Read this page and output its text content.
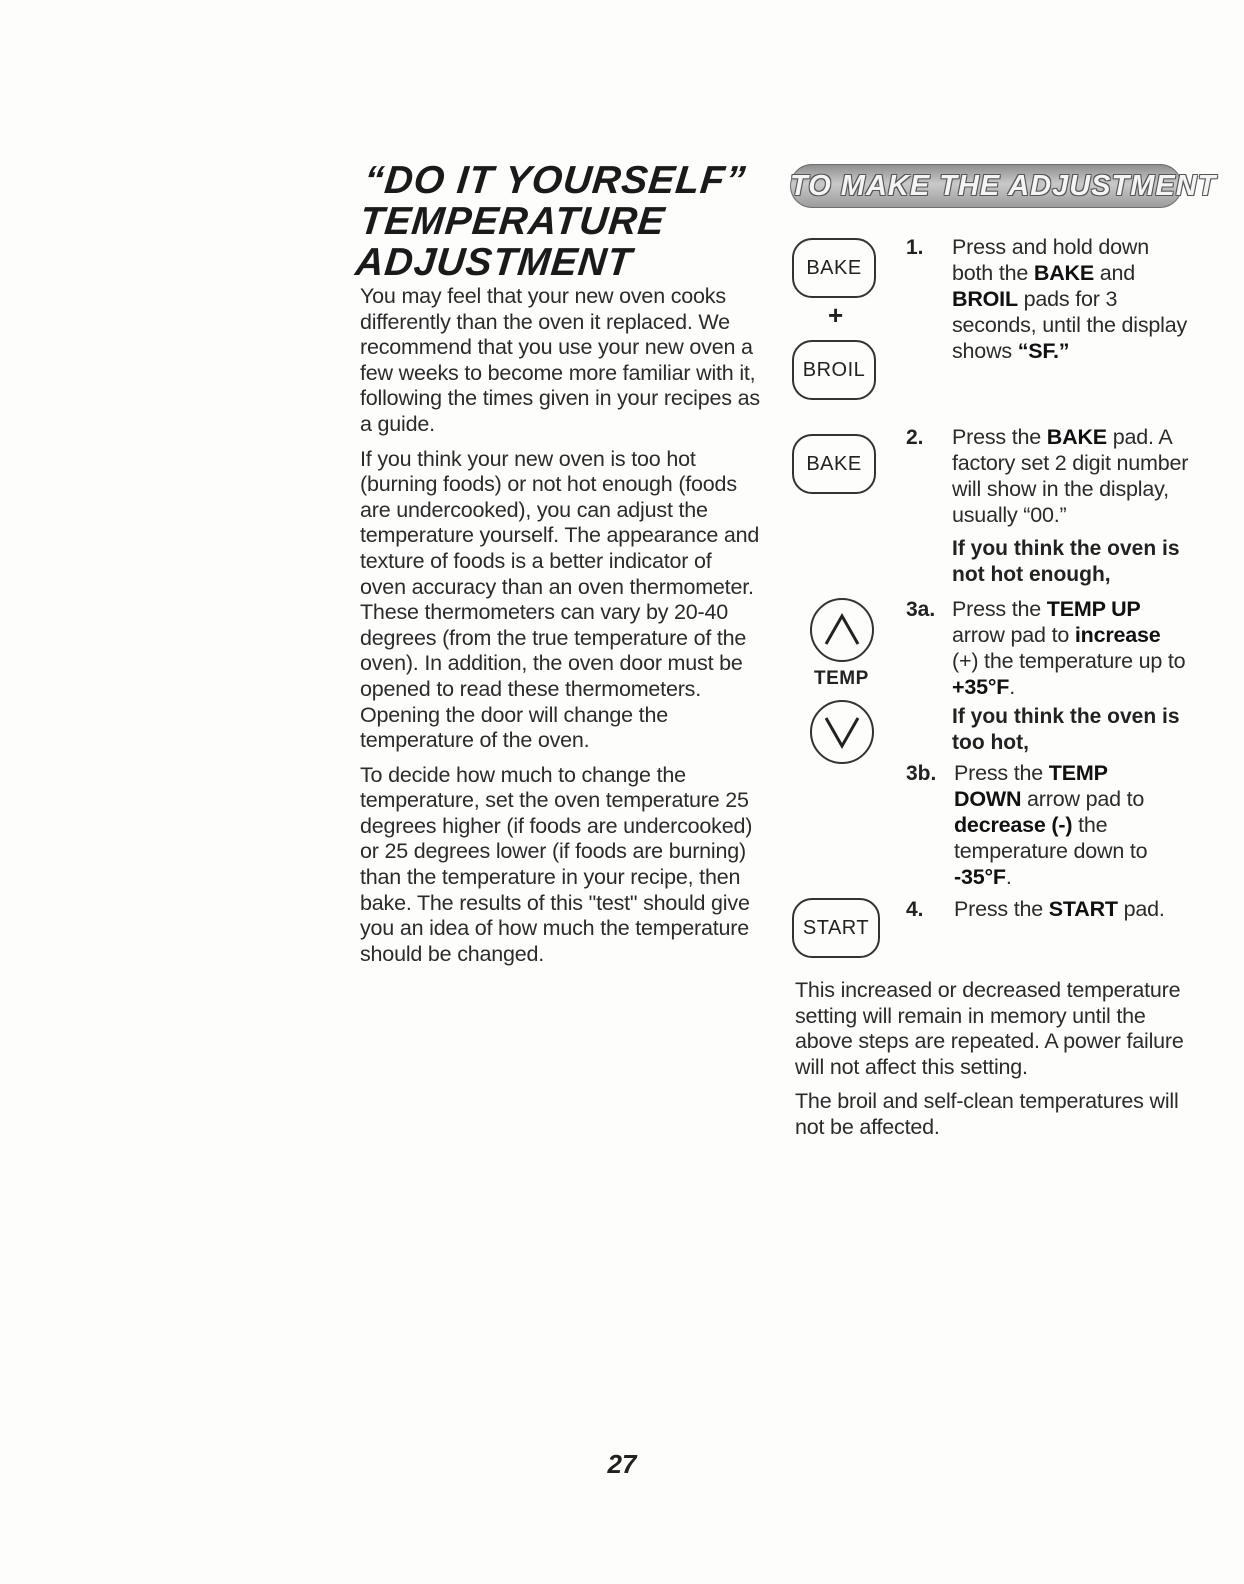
“DO IT YOURSELF”
TEMPERATURE
ADJUSTMENT

You may feel that your new oven cooks differently than the oven it replaced. We recommend that you use your new oven a few weeks to become more familiar with it, following the times given in your recipes as a guide.

If you think your new oven is too hot (burning foods) or not hot enough (foods are undercooked), you can adjust the temperature yourself. The appearance and texture of foods is a better indicator of oven accuracy than an oven thermometer. These thermometers can vary by 20-40 degrees (from the true temperature of the oven). In addition, the oven door must be opened to read these thermometers. Opening the door will change the temperature of the oven.

To decide how much to change the temperature, set the oven temperature 25 degrees higher (if foods are undercooked) or 25 degrees lower (if foods are burning) than the temperature in your recipe, then bake. The results of this "test" should give you an idea of how much the temperature should be changed.

TO MAKE THE ADJUSTMENT
BAKE
+
BROIL
BAKE
TEMP
START
1.
2.
3a.
3b.
4.
Press and hold down both the BAKE and BROIL pads for 3 seconds, until the display shows “SF.”
Press the BAKE pad. A factory set 2 digit number will show in the display, usually “00.”
If you think the oven is not hot enough,
Press the TEMP UP arrow pad to increase (+) the temperature up to +35°F.
If you think the oven is too hot,
Press the TEMP DOWN arrow pad to decrease (-) the temperature down to -35°F.
Press the START pad.

This increased or decreased temperature setting will remain in memory until the above steps are repeated. A power failure will not affect this setting.

The broil and self-clean temperatures will not be affected.

27
